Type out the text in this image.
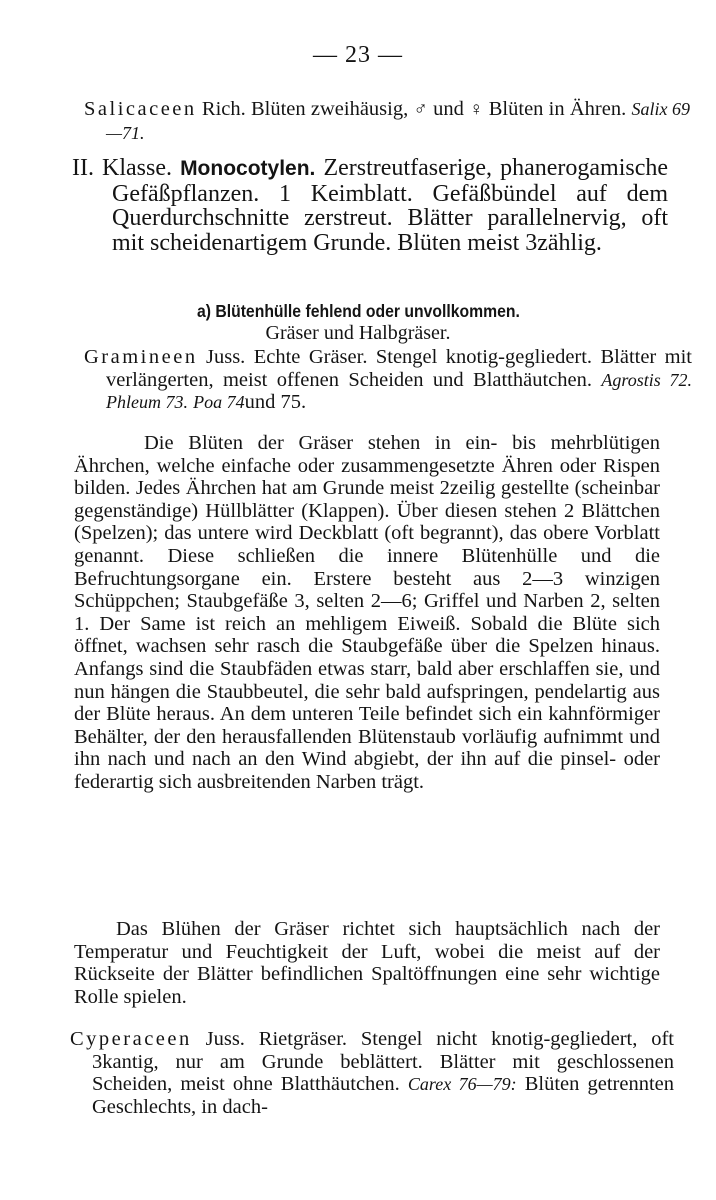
— 23 —
Salicaceen Rich. Blüten zweihäusig, ♂ und ♀ Blüten in Ähren. Salix 69—71.
II. Klasse. Monocotylen. Zerstreutfaserige, phanerogamische Gefäßpflanzen. 1 Keimblatt. Gefäßbündel auf dem Querdurchschnitte zerstreut. Blätter parallelnervig, oft mit scheidenartigem Grunde. Blüten meist 3zählig.
a) Blütenhülle fehlend oder unvollkommen.
Gräser und Halbgräser.
Gramineen Juss. Echte Gräser. Stengel knotig-gegliedert. Blätter mit verlängerten, meist offenen Scheiden und Blatthäutchen. Agrostis 72. Phleum 73. Poa 74und 75.
Die Blüten der Gräser stehen in ein- bis mehrblütigen Ährchen, welche einfache oder zusammengesetzte Ähren oder Rispen bilden. Jedes Ährchen hat am Grunde meist 2zeilig gestellte (scheinbar gegenständige) Hüllblätter (Klappen). Über diesen stehen 2 Blättchen (Spelzen); das untere wird Deckblatt (oft begrannt), das obere Vorblatt genannt. Diese schließen die innere Blütenhülle und die Befruchtungsorgane ein. Erstere besteht aus 2—3 winzigen Schüppchen; Staubgefäße 3, selten 2—6; Griffel und Narben 2, selten 1. Der Same ist reich an mehligem Eiweiß. Sobald die Blüte sich öffnet, wachsen sehr rasch die Staubgefäße über die Spelzen hinaus. Anfangs sind die Staubfäden etwas starr, bald aber erschlaffen sie, und nun hängen die Staubbeutel, die sehr bald aufspringen, pendelartig aus der Blüte heraus. An dem unteren Teile befindet sich ein kahnförmiger Behälter, der den herausfallenden Blütenstaub vorläufig aufnimmt und ihn nach und nach an den Wind abgiebt, der ihn auf die pinsel- oder federartig sich ausbreitenden Narben trägt.
Das Blühen der Gräser richtet sich hauptsächlich nach der Temperatur und Feuchtigkeit der Luft, wobei die meist auf der Rückseite der Blätter befindlichen Spaltöffnungen eine sehr wichtige Rolle spielen.
Cyperaceen Juss. Rietgräser. Stengel nicht knotig-gegliedert, oft 3kantig, nur am Grunde beblättert. Blätter mit geschlossenen Scheiden, meist ohne Blatthäutchen. Carex 76—79: Blüten getrennten Geschlechts, in dach-
